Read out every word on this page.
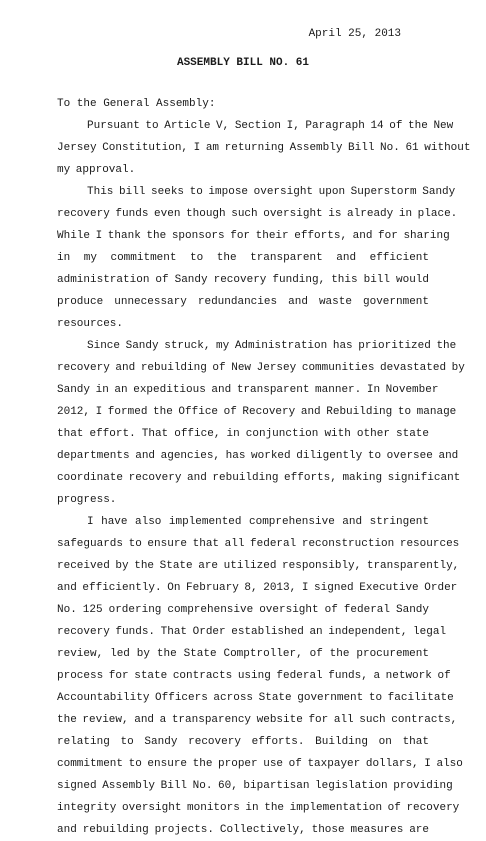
April 25, 2013
ASSEMBLY BILL NO. 61

To the General Assembly:

Pursuant to Article V, Section I, Paragraph 14 of the New
Jersey Constitution, I am returning Assembly Bill No. 61 without
my approval.
This bill seeks to impose oversight upon Superstorm Sandy
recovery funds even though such oversight is already in place.
While I thank the sponsors for their efforts, and for sharing
in my commitment to the transparent and efficient
administration of Sandy recovery funding, this bill would
produce unnecessary redundancies and waste government
resources.
Since Sandy struck, my Administration has prioritized the
recovery and rebuilding of New Jersey communities devastated by
Sandy in an expeditious and transparent manner. In November
2012, I formed the Office of Recovery and Rebuilding to manage
that effort. That office, in conjunction with other state
departments and agencies, has worked diligently to oversee and
coordinate recovery and rebuilding efforts, making significant
progress.
I have also implemented comprehensive and stringent
safeguards to ensure that all federal reconstruction resources
received by the State are utilized responsibly, transparently,
and efficiently. On February 8, 2013, I signed Executive Order
No. 125 ordering comprehensive oversight of federal Sandy
recovery funds. That Order established an independent, legal
review, led by the State Comptroller, of the procurement
process for state contracts using federal funds, a network of
Accountability Officers across State government to facilitate
the review, and a transparency website for all such contracts,
relating to Sandy recovery efforts. Building on that
commitment to ensure the proper use of taxpayer dollars, I also
signed Assembly Bill No. 60, bipartisan legislation providing
integrity oversight monitors in the implementation of recovery
and rebuilding projects. Collectively, those measures are
